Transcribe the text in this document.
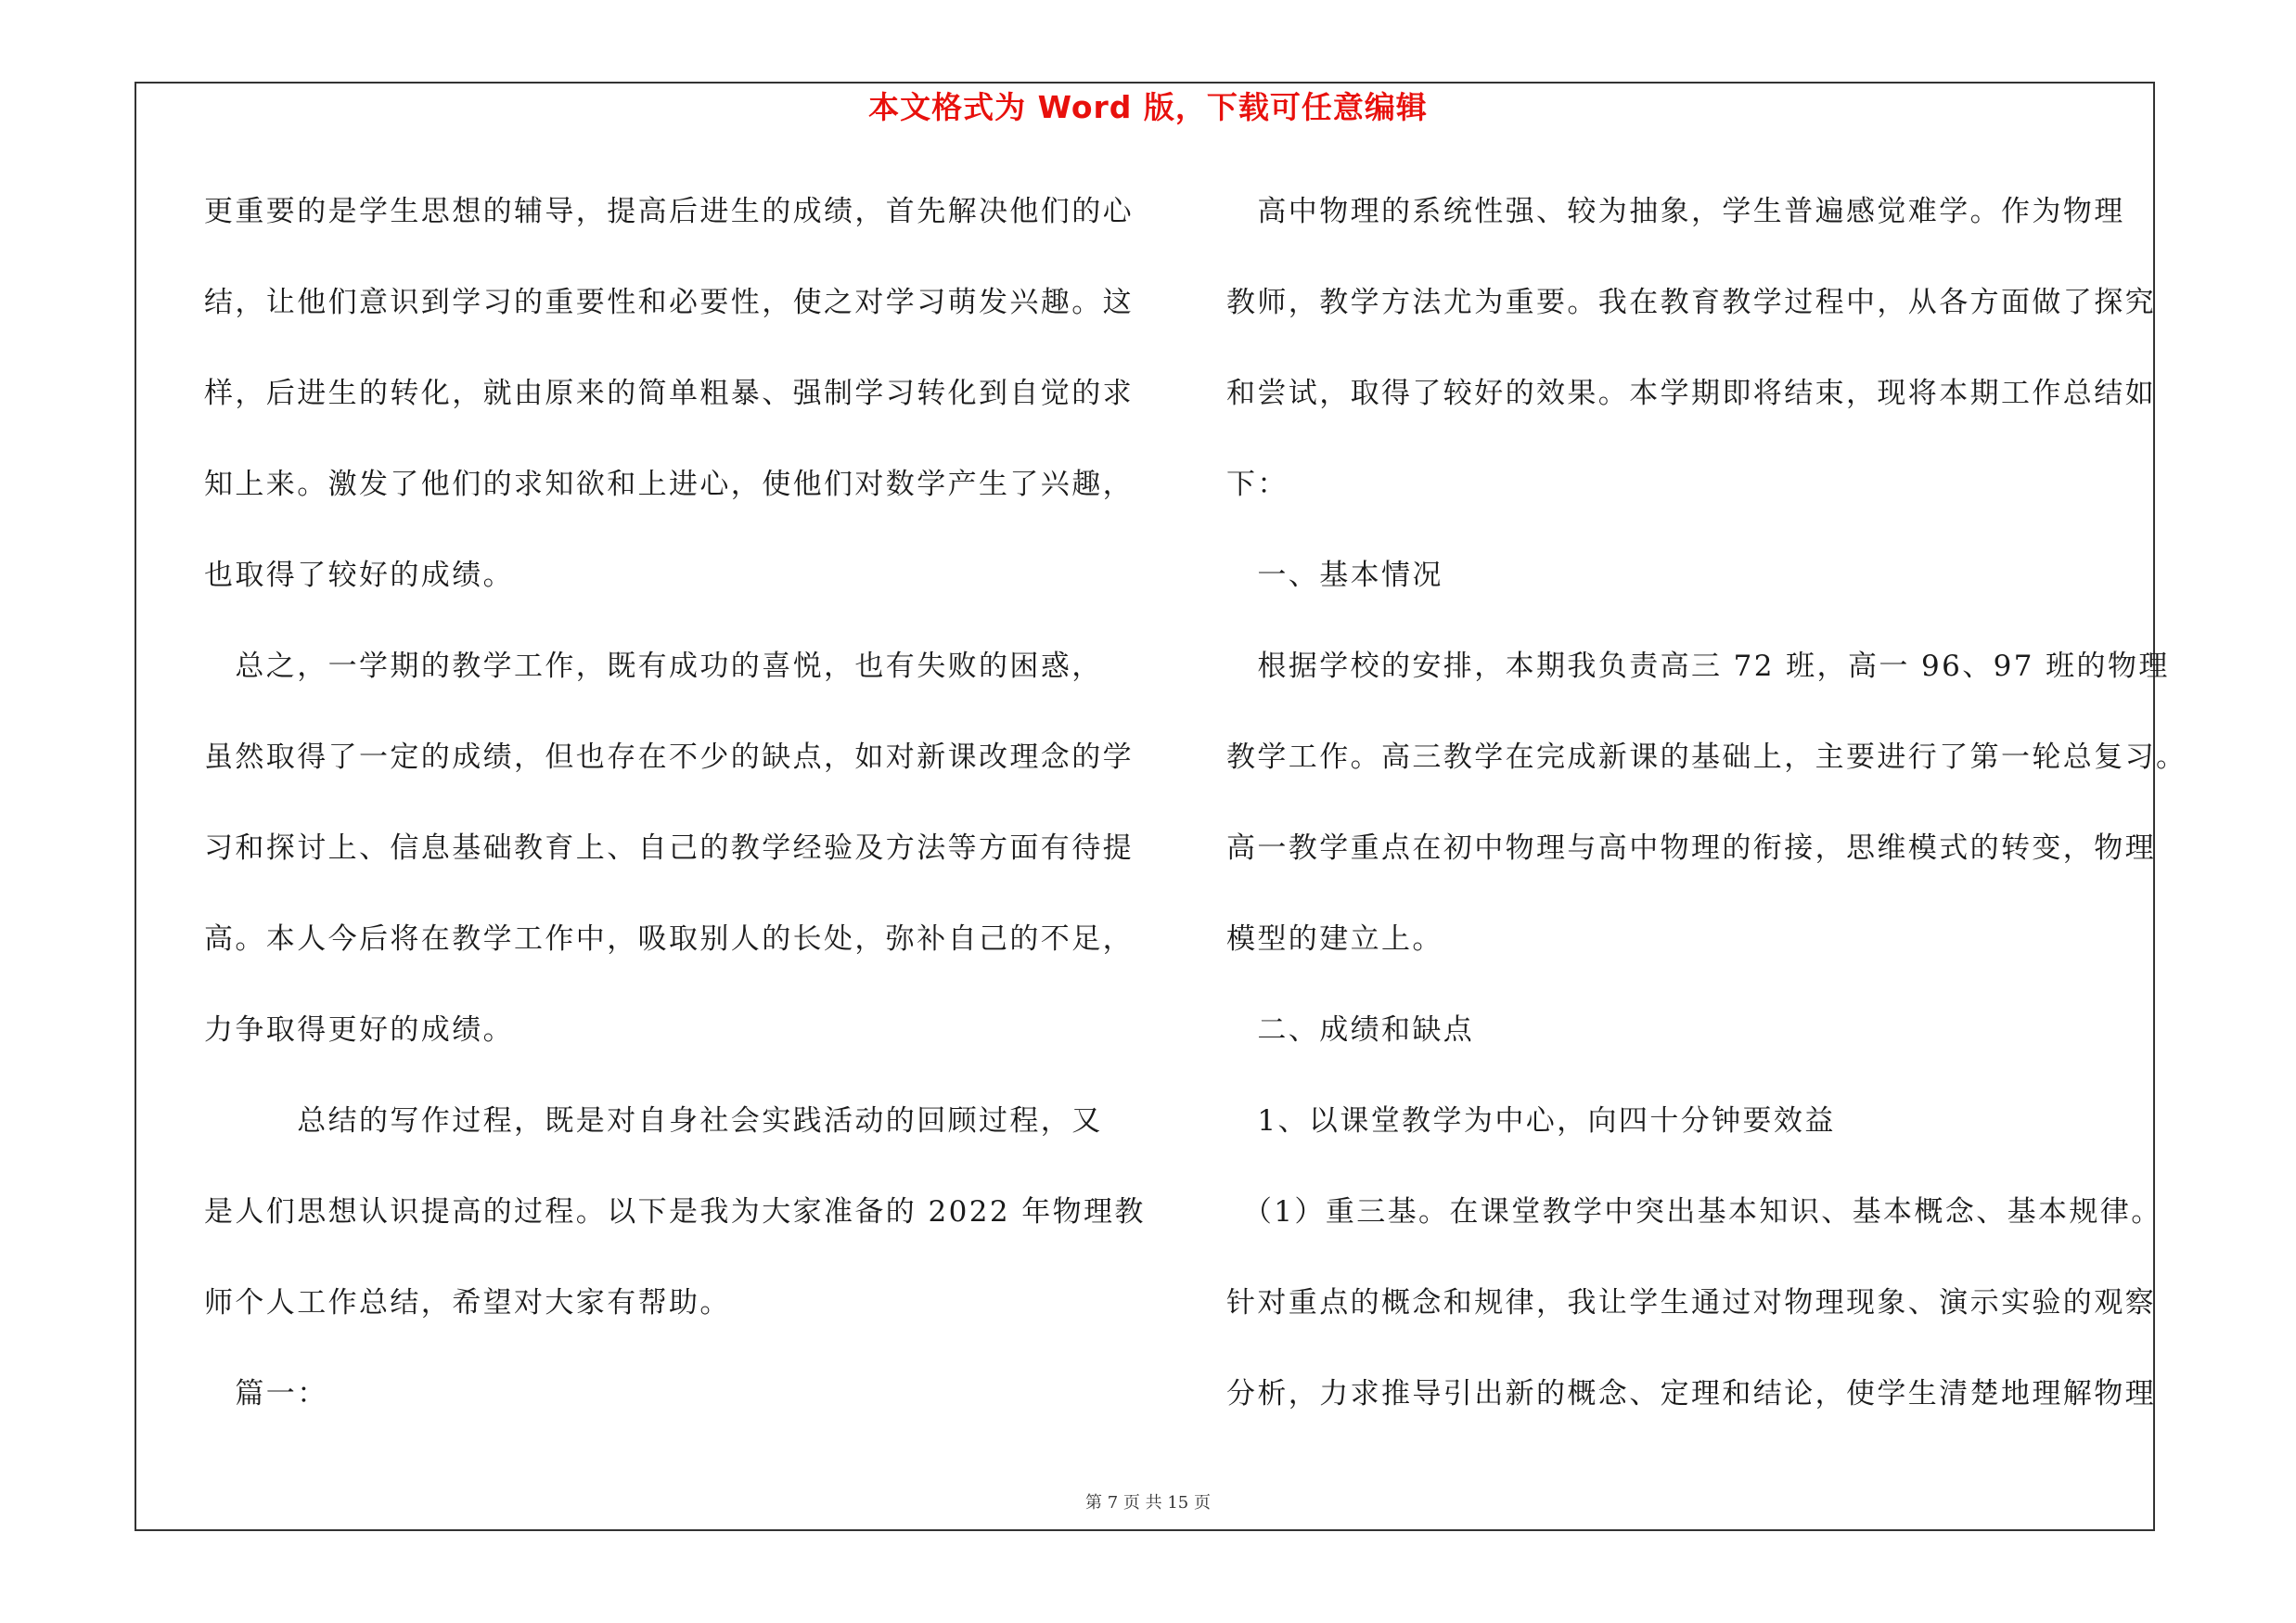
本文格式为 Word 版，下载可任意编辑
更重要的是学生思想的辅导，提高后进生的成绩，首先解决他们的心
结，让他们意识到学习的重要性和必要性，使之对学习萌发兴趣。这
样，后进生的转化，就由原来的简单粗暴、强制学习转化到自觉的求
知上来。激发了他们的求知欲和上进心，使他们对数学产生了兴趣，
也取得了较好的成绩。
　总之，一学期的教学工作，既有成功的喜悦，也有失败的困惑，
虽然取得了一定的成绩，但也存在不少的缺点，如对新课改理念的学
习和探讨上、信息基础教育上、自己的教学经验及方法等方面有待提
高。本人今后将在教学工作中，吸取别人的长处，弥补自己的不足，
力争取得更好的成绩。
　　　总结的写作过程，既是对自身社会实践活动的回顾过程，又
是人们思想认识提高的过程。以下是我为大家准备的 2022 年物理教
师个人工作总结，希望对大家有帮助。
　篇一：
　高中物理的系统性强、较为抽象，学生普遍感觉难学。作为物理
教师，教学方法尤为重要。我在教育教学过程中，从各方面做了探究
和尝试，取得了较好的效果。本学期即将结束，现将本期工作总结如
下：
　一、基本情况
　根据学校的安排，本期我负责高三 72 班，高一 96、97 班的物理
教学工作。高三教学在完成新课的基础上，主要进行了第一轮总复习。
高一教学重点在初中物理与高中物理的衔接，思维模式的转变，物理
模型的建立上。
　二、成绩和缺点
　1、以课堂教学为中心，向四十分钟要效益
　（1）重三基。在课堂教学中突出基本知识、基本概念、基本规律。
针对重点的概念和规律，我让学生通过对物理现象、演示实验的观察
分析，力求推导引出新的概念、定理和结论，使学生清楚地理解物理
第 7 页 共 15 页
